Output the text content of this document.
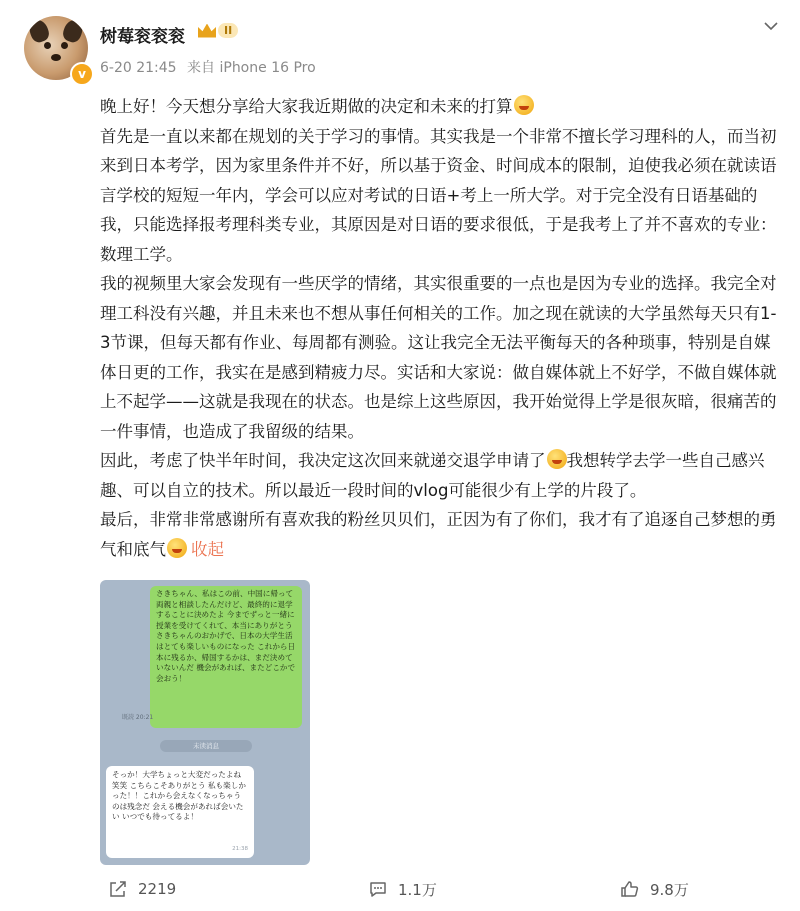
v
树莓衮衮衮	II
6-20 21:45 来自 iPhone 16 Pro

晚上好！今天想分享给大家我近期做的决定和未来的打算

首先是一直以来都在规划的关于学习的事情。其实我是一个非常不擅长学习理科的人，而当初来到日本考学，因为家里条件并不好，所以基于资金、时间成本的限制，迫使我必须在就读语言学校的短短一年内，学会可以应对考试的日语+考上一所大学。对于完全没有日语基础的我，只能选择报考理科类专业，其原因是对日语的要求很低，于是我考上了并不喜欢的专业：数理工学。

我的视频里大家会发现有一些厌学的情绪，其实很重要的一点也是因为专业的选择。我完全对理工科没有兴趣，并且未来也不想从事任何相关的工作。加之现在就读的大学虽然每天只有1-3节课，但每天都有作业、每周都有测验。这让我完全无法平衡每天的各种琐事，特别是自媒体日更的工作，我实在是感到精疲力尽。实话和大家说：做自媒体就上不好学，不做自媒体就上不起学——这就是我现在的状态。也是综上这些原因，我开始觉得上学是很灰暗，很痛苦的一件事情，也造成了我留级的结果。

因此，考虑了快半年时间，我决定这次回来就递交退学申请了 我想转学去学一些自己感兴趣、可以自立的技术。所以最近一段时间的vlog可能很少有上学的片段了。

最后，非常非常感谢所有喜欢我的粉丝贝贝们，正因为有了你们，我才有了追逐自己梦想的勇气和底气 收起

さきちゃん、私はこの前、中国に帰って両親と相談したんだけど、最終的に退学することに決めたよ 今までずっと一緒に授業を受けてくれて、本当にありがとう さきちゃんのおかげで、日本の大学生活はとても楽しいものになった これから日本に残るか、帰国するかは、まだ決めていないんだ 機会があれば、またどこかで会おう！
既読 20:21
未读消息
そっか！大学ちょっと大変だったよね笑笑 こちらこそありがとう 私も楽しかった！！これから会えなくなっちゃうのは残念だ 会える機会があれば会いたい いつでも待ってるよ！
21:38
2219	1.1万	9.8万
